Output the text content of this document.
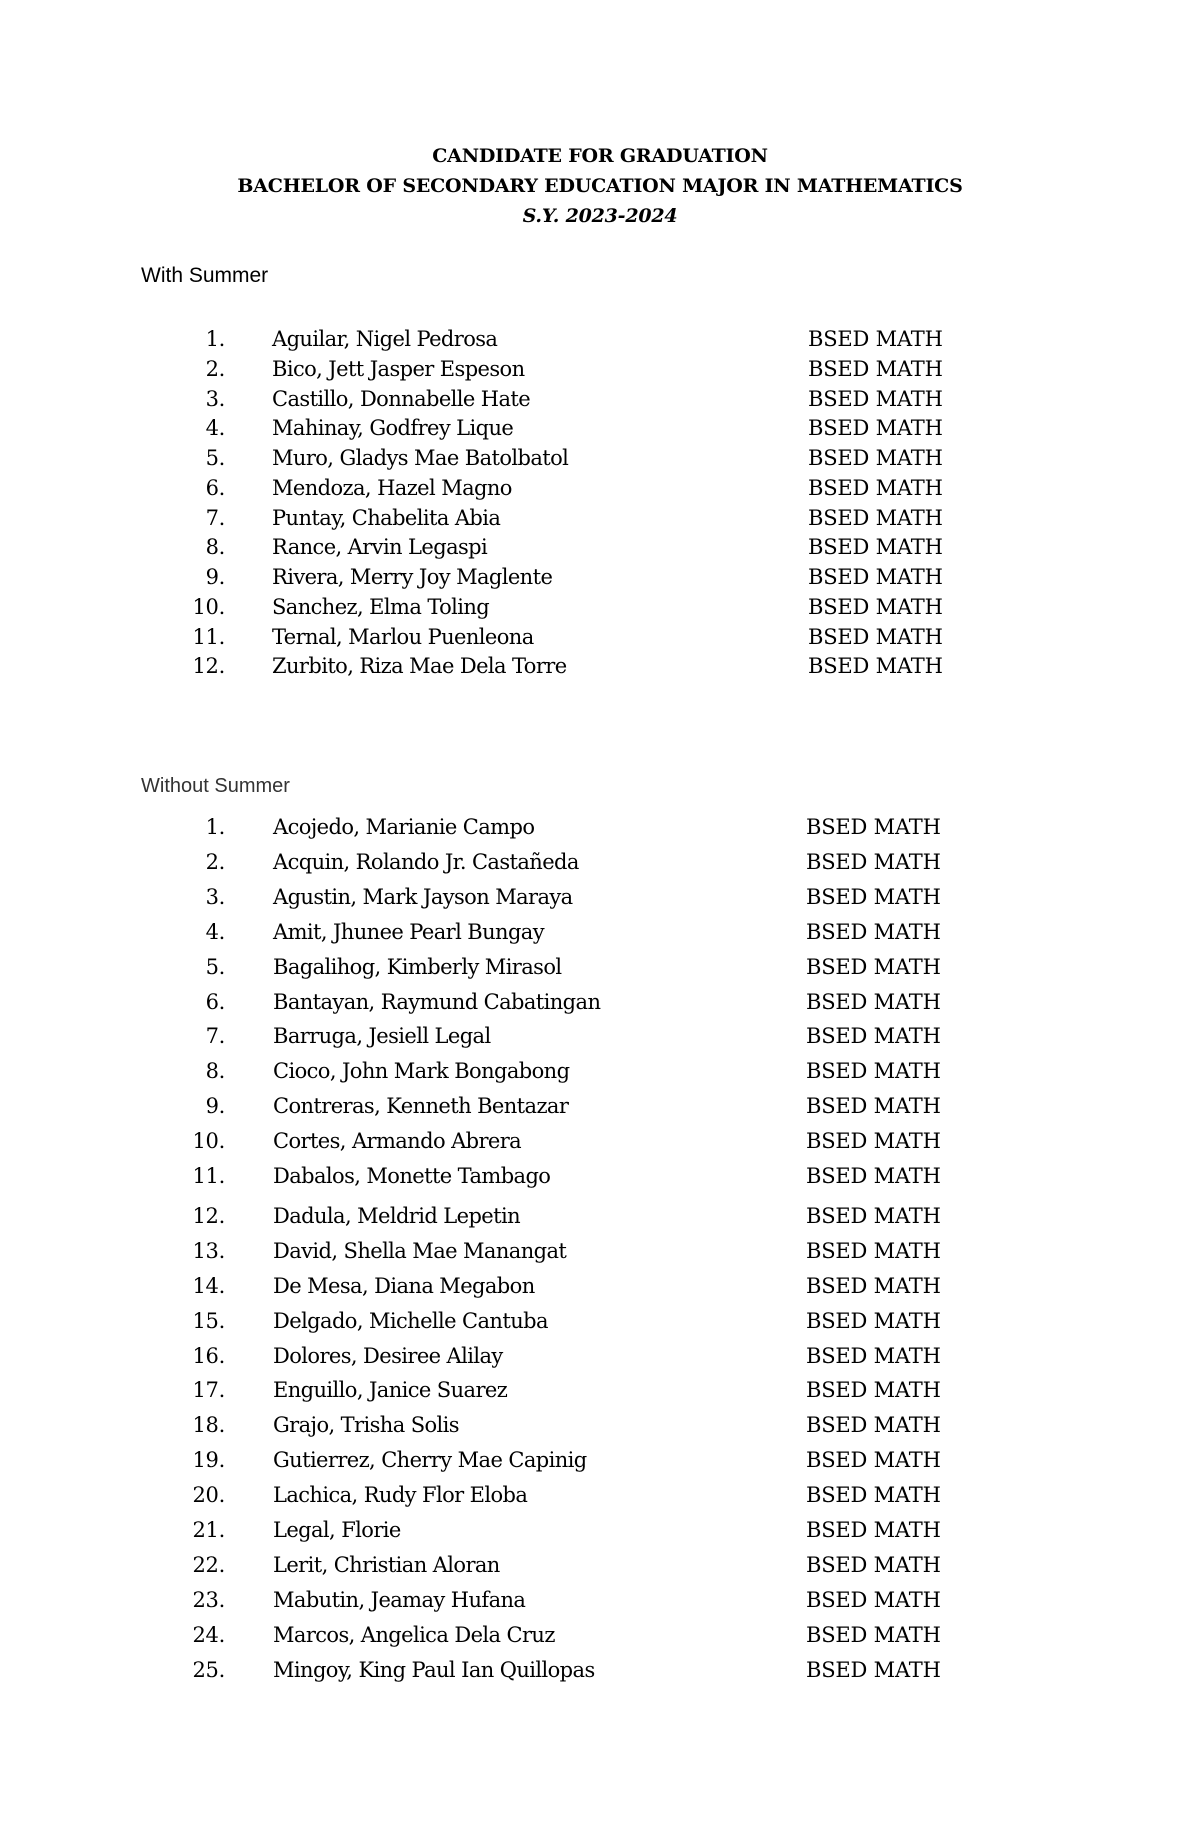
CANDIDATE FOR GRADUATION
BACHELOR OF SECONDARY EDUCATION MAJOR IN MATHEMATICS
S.Y. 2023-2024
With Summer
1. Aguilar, Nigel Pedrosa	BSED MATH
2. Bico, Jett Jasper Espeson	BSED MATH
3. Castillo, Donnabelle Hate	BSED MATH
4. Mahinay, Godfrey Lique	BSED MATH
5. Muro, Gladys Mae Batolbatol	BSED MATH
6. Mendoza, Hazel Magno	BSED MATH
7. Puntay, Chabelita Abia	BSED MATH
8. Rance, Arvin Legaspi	BSED MATH
9. Rivera, Merry Joy Maglente	BSED MATH
10. Sanchez, Elma Toling	BSED MATH
11. Ternal, Marlou Puenleona	BSED MATH
12. Zurbito, Riza Mae Dela Torre	BSED MATH
Without Summer
1. Acojedo, Marianie Campo	BSED MATH
2. Acquin, Rolando Jr. Castañeda	BSED MATH
3. Agustin, Mark Jayson Maraya	BSED MATH
4. Amit, Jhunee Pearl Bungay	BSED MATH
5. Bagalihog, Kimberly Mirasol	BSED MATH
6. Bantayan, Raymund Cabatingan	BSED MATH
7. Barruga, Jesiell Legal	BSED MATH
8. Cioco, John Mark Bongabong	BSED MATH
9. Contreras, Kenneth Bentazar	BSED MATH
10. Cortes, Armando Abrera	BSED MATH
11. Dabalos, Monette Tambago	BSED MATH
12. Dadula, Meldrid Lepetin	BSED MATH
13. David, Shella Mae Manangat	BSED MATH
14. De Mesa, Diana Megabon	BSED MATH
15. Delgado, Michelle Cantuba	BSED MATH
16. Dolores, Desiree Alilay	BSED MATH
17. Enguillo, Janice Suarez	BSED MATH
18. Grajo, Trisha Solis	BSED MATH
19. Gutierrez, Cherry Mae Capinig	BSED MATH
20. Lachica, Rudy Flor Eloba	BSED MATH
21. Legal, Florie	BSED MATH
22. Lerit, Christian Aloran	BSED MATH
23. Mabutin, Jeamay Hufana	BSED MATH
24. Marcos, Angelica Dela Cruz	BSED MATH
25. Mingoy, King Paul Ian Quillopas	BSED MATH
